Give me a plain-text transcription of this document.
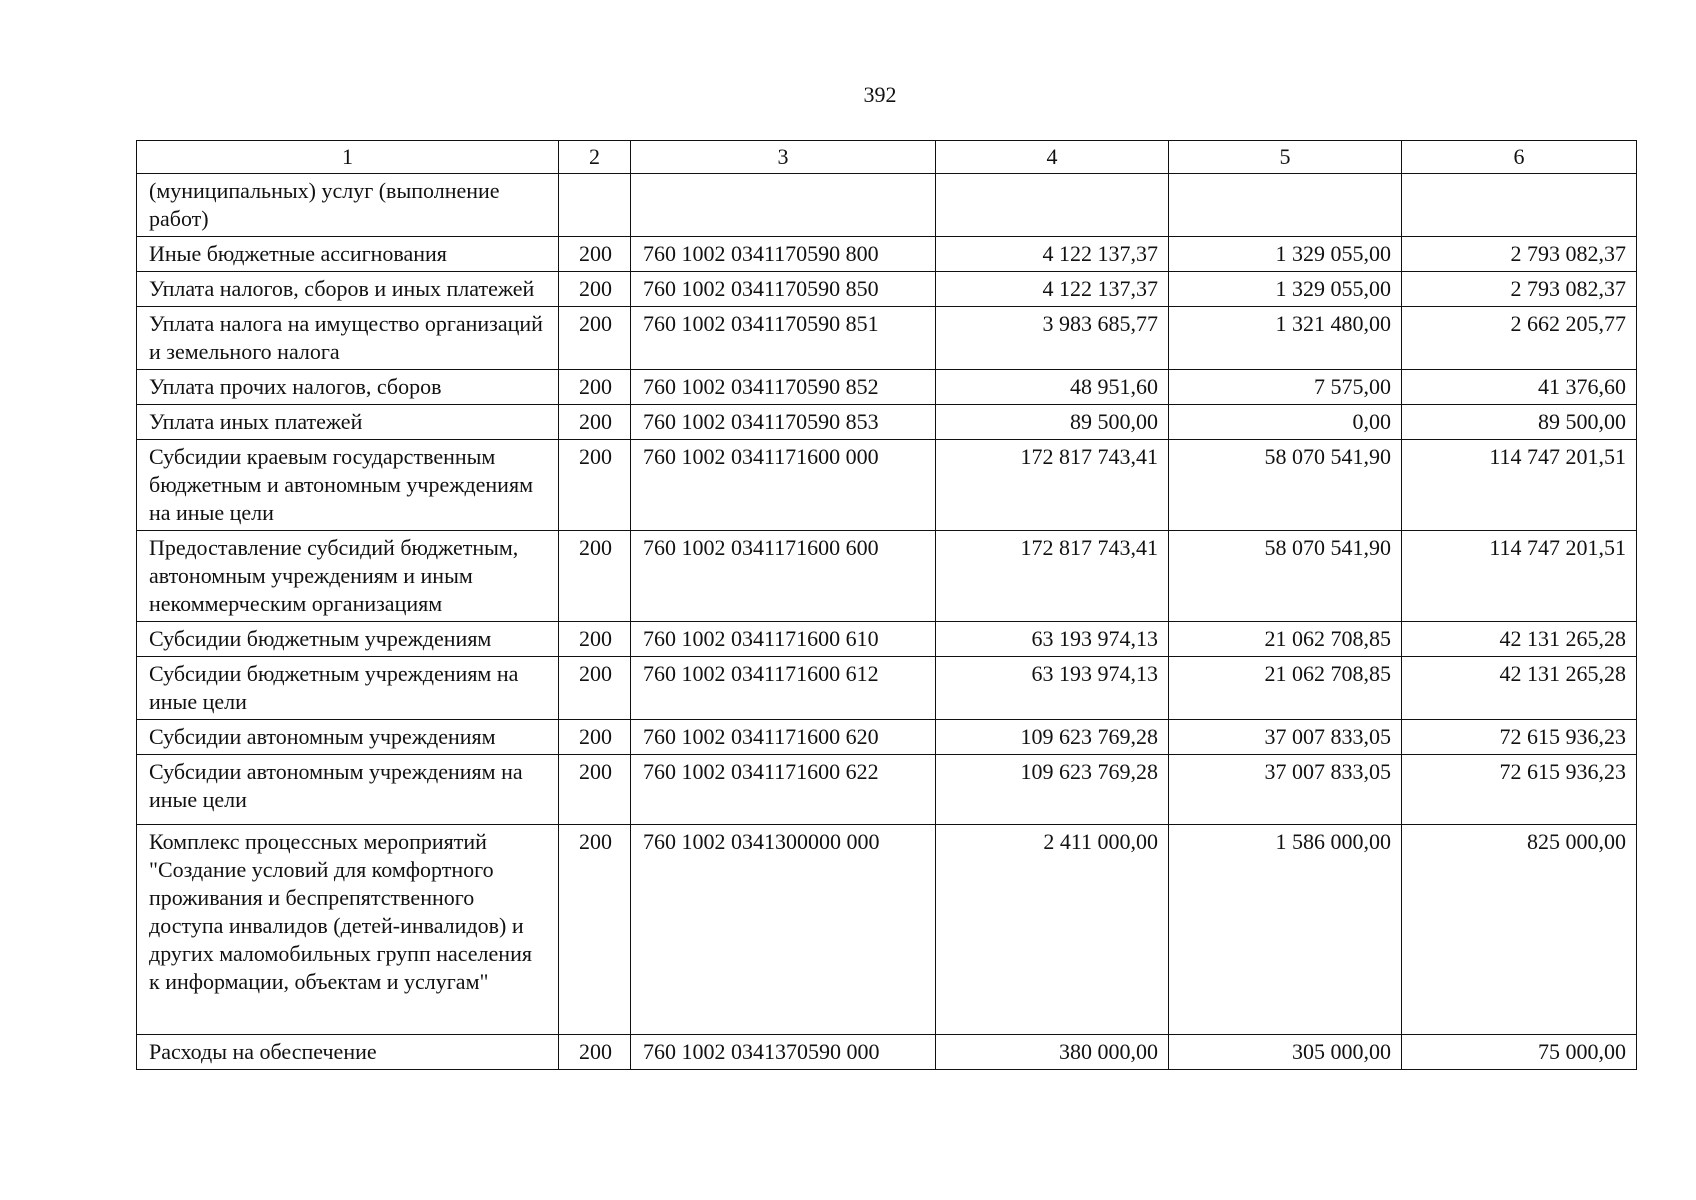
392
1	2	3	4	5	6
(муниципальных) услуг (выполнение работ)					
Иные бюджетные ассигнования	200	760 1002 0341170590 800	4 122 137,37	1 329 055,00	2 793 082,37
Уплата налогов, сборов и иных платежей	200	760 1002 0341170590 850	4 122 137,37	1 329 055,00	2 793 082,37
Уплата налога на имущество организаций и земельного налога	200	760 1002 0341170590 851	3 983 685,77	1 321 480,00	2 662 205,77
Уплата прочих налогов, сборов	200	760 1002 0341170590 852	48 951,60	7 575,00	41 376,60
Уплата иных платежей	200	760 1002 0341170590 853	89 500,00	0,00	89 500,00
Субсидии краевым государственным бюджетным и автономным учреждениям на иные цели	200	760 1002 0341171600 000	172 817 743,41	58 070 541,90	114 747 201,51
Предоставление субсидий бюджетным, автономным учреждениям и иным некоммерческим организациям	200	760 1002 0341171600 600	172 817 743,41	58 070 541,90	114 747 201,51
Субсидии бюджетным учреждениям	200	760 1002 0341171600 610	63 193 974,13	21 062 708,85	42 131 265,28
Субсидии бюджетным учреждениям на иные цели	200	760 1002 0341171600 612	63 193 974,13	21 062 708,85	42 131 265,28
Субсидии автономным учреждениям	200	760 1002 0341171600 620	109 623 769,28	37 007 833,05	72 615 936,23
Субсидии автономным учреждениям на иные цели	200	760 1002 0341171600 622	109 623 769,28	37 007 833,05	72 615 936,23
Комплекс процессных мероприятий "Создание условий для комфортного проживания и беспрепятственного доступа инвалидов (детей-инвалидов) и других маломобильных групп населения к информации, объектам и услугам"	200	760 1002 0341300000 000	2 411 000,00	1 586 000,00	825 000,00
Расходы на обеспечение	200	760 1002 0341370590 000	380 000,00	305 000,00	75 000,00
